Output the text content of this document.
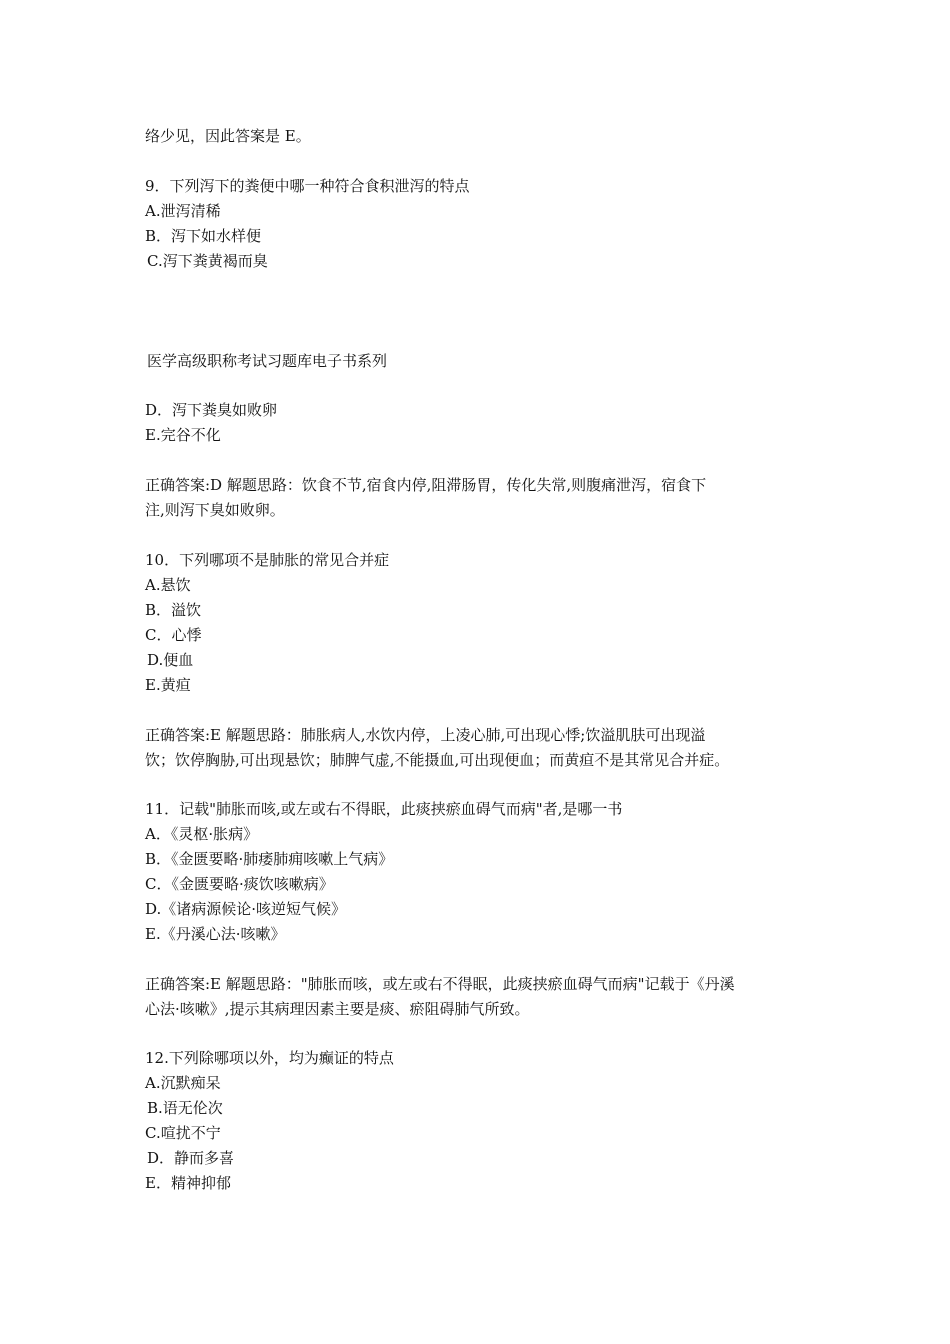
络少见，因此答案是 E。
9．下列泻下的粪便中哪一种符合食积泄泻的特点
A.泄泻清稀
B．泻下如水样便
C.泻下粪黄褐而臭
医学高级职称考试习题库电子书系列
D．泻下粪臭如败卵
E.完谷不化
正确答案:D 解题思路：饮食不节,宿食内停,阻滞肠胃，传化失常,则腹痛泄泻，宿食下
注,则泻下臭如败卵。
10．下列哪项不是肺胀的常见合并症
A.悬饮
B．溢饮
C．心悸
D.便血
E.黄疸
正确答案:E 解题思路：肺胀病人,水饮内停，上凌心肺,可出现心悸;饮溢肌肤可出现溢
饮；饮停胸胁,可出现悬饮；肺脾气虚,不能摄血,可出现便血；而黄疸不是其常见合并症。
11．记载"肺胀而咳,或左或右不得眠，此痰挟瘀血碍气而病"者,是哪一书
A．《灵枢·胀病》
B．《金匮要略·肺痿肺痈咳嗽上气病》
C．《金匮要略·痰饮咳嗽病》
D.《诸病源候论·咳逆短气候》
E.《丹溪心法·咳嗽》
正确答案:E 解题思路："肺胀而咳，或左或右不得眠，此痰挟瘀血碍气而病"记载于《丹溪
心法·咳嗽》,提示其病理因素主要是痰、瘀阻碍肺气所致。
12.下列除哪项以外，均为癫证的特点
A.沉默痴呆
B.语无伦次
C.喧扰不宁
D．静而多喜
E．精神抑郁
